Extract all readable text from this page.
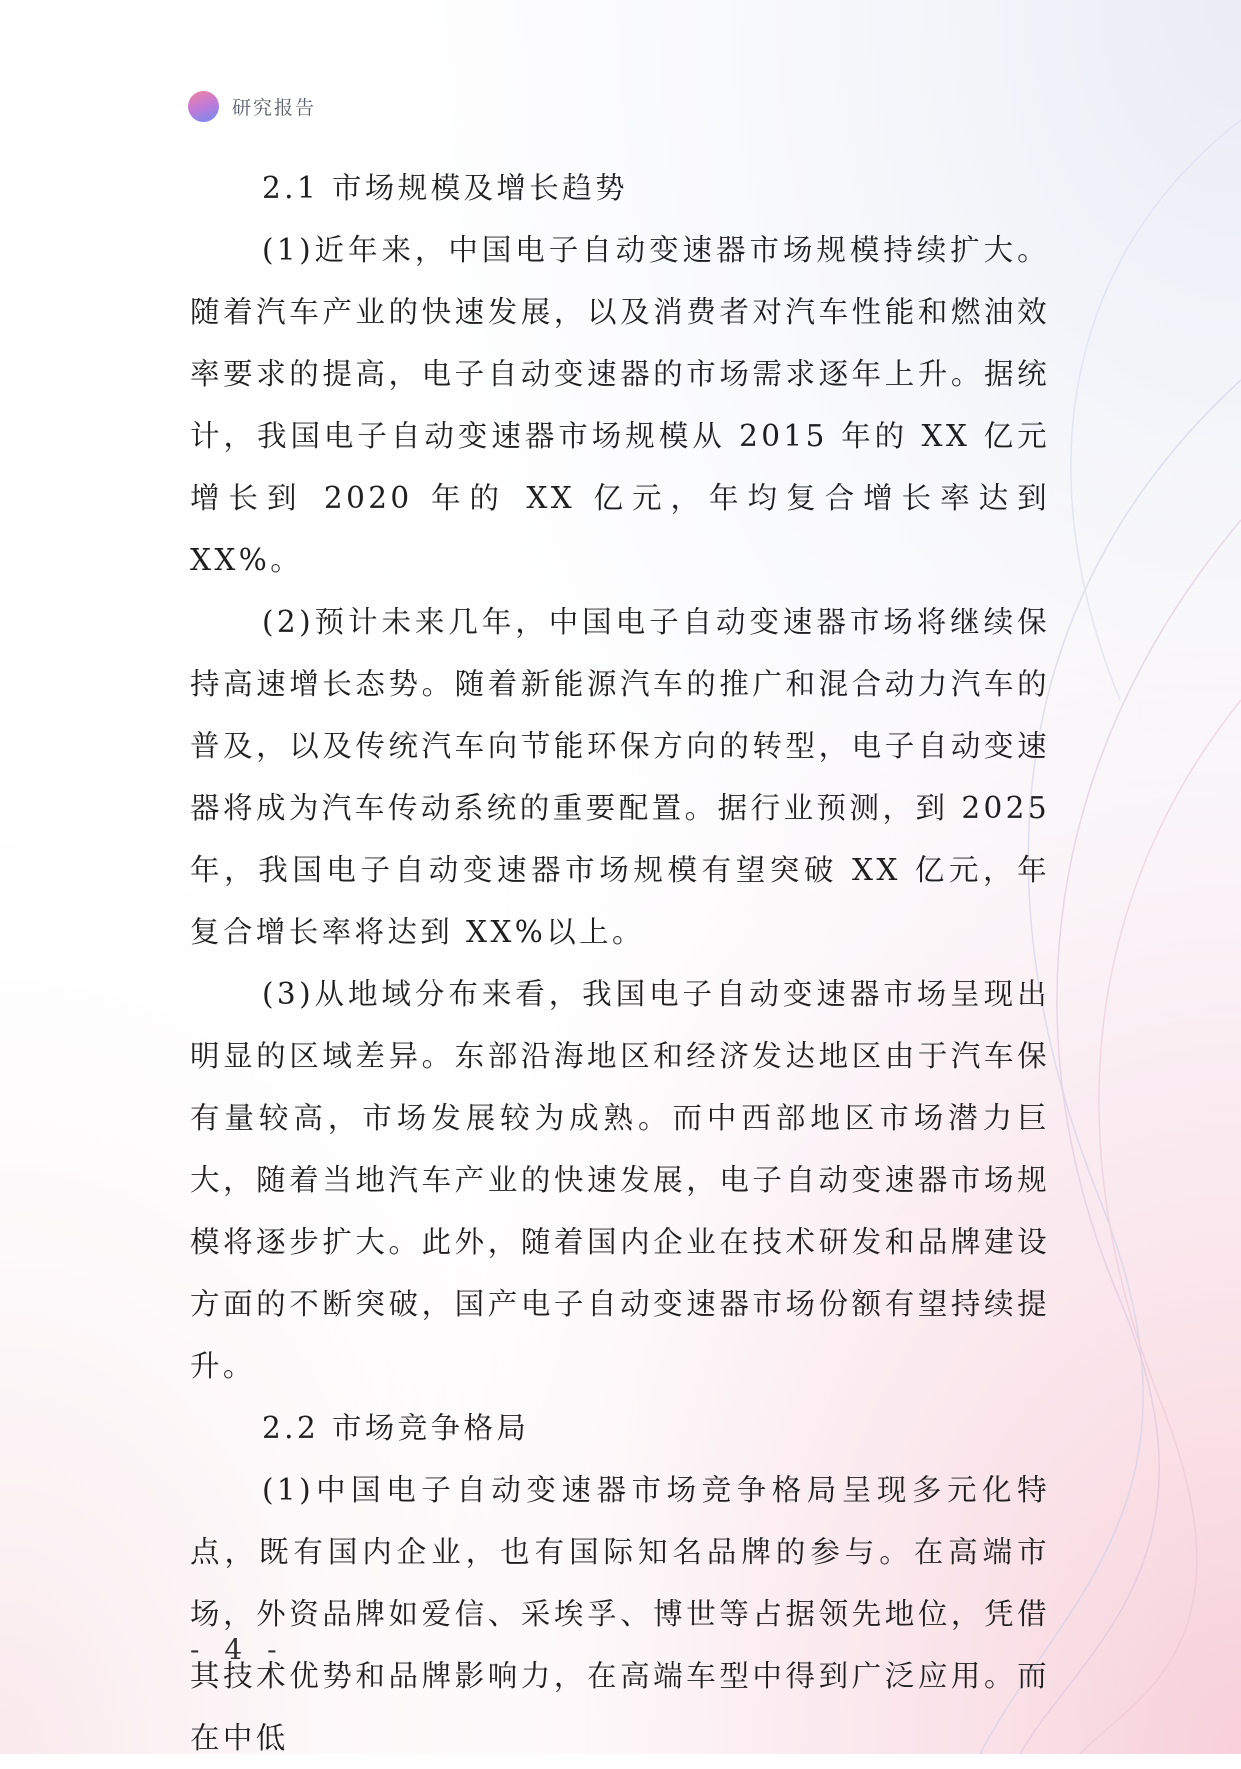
研究报告

2.1 市场规模及增长趋势

(1)近年来，中国电子自动变速器市场规模持续扩大。随着汽车产业的快速发展，以及消费者对汽车性能和燃油效率要求的提高，电子自动变速器的市场需求逐年上升。据统计，我国电子自动变速器市场规模从 2015 年的 XX 亿元增长到 2020 年的 XX 亿元，年均复合增长率达到 XX%。

(2)预计未来几年，中国电子自动变速器市场将继续保持高速增长态势。随着新能源汽车的推广和混合动力汽车的普及，以及传统汽车向节能环保方向的转型，电子自动变速器将成为汽车传动系统的重要配置。据行业预测，到 2025 年，我国电子自动变速器市场规模有望突破 XX 亿元，年复合增长率将达到 XX%以上。

(3)从地域分布来看，我国电子自动变速器市场呈现出明显的区域差异。东部沿海地区和经济发达地区由于汽车保有量较高，市场发展较为成熟。而中西部地区市场潜力巨大，随着当地汽车产业的快速发展，电子自动变速器市场规模将逐步扩大。此外，随着国内企业在技术研发和品牌建设方面的不断突破，国产电子自动变速器市场份额有望持续提升。

2.2 市场竞争格局

(1)中国电子自动变速器市场竞争格局呈现多元化特点，既有国内企业，也有国际知名品牌的参与。在高端市场，外资品牌如爱信、采埃孚、博世等占据领先地位，凭借其技术优势和品牌影响力，在高端车型中得到广泛应用。而在中低

- 4 -
